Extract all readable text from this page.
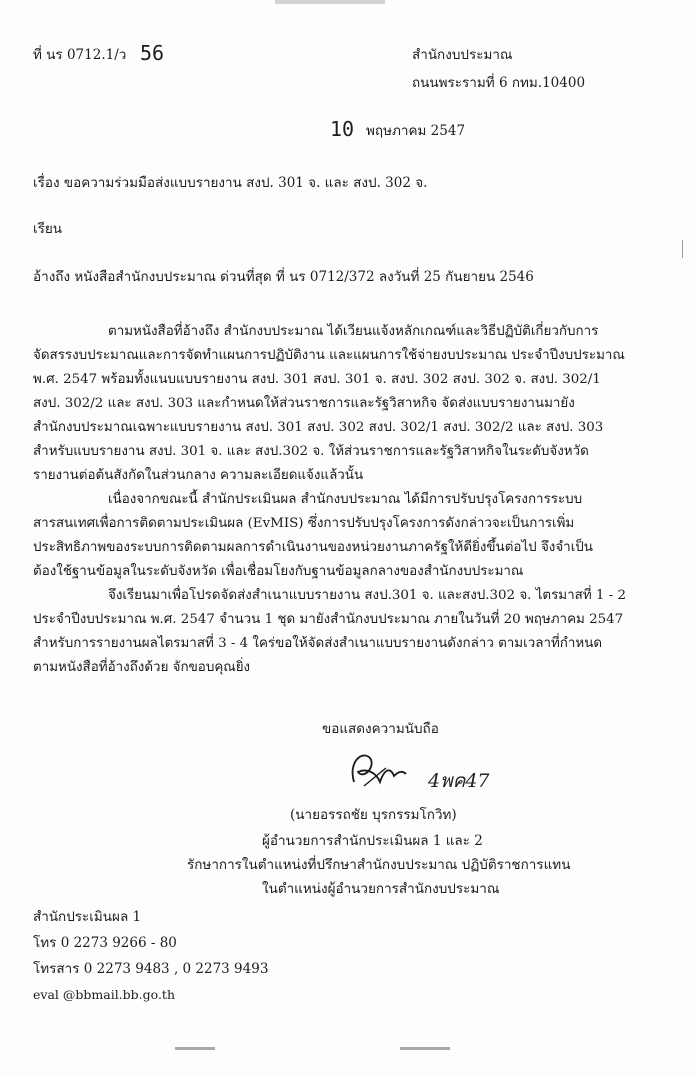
ที่ นร 0712.1/ว 56	สำนักงบประมาณ
ถนนพระรามที่ 6 กทม.10400
10 พฤษภาคม 2547
เรื่อง ขอความร่วมมือส่งแบบรายงาน สงป. 301 จ. และ สงป. 302 จ.
เรียน
อ้างถึง หนังสือสำนักงบประมาณ ด่วนที่สุด ที่ นร 0712/372 ลงวันที่ 25 กันยายน 2546
ตามหนังสือที่อ้างถึง สำนักงบประมาณ ได้เวียนแจ้งหลักเกณฑ์และวิธีปฏิบัติเกี่ยวกับการ
จัดสรรงบประมาณและการจัดทำแผนการปฏิบัติงาน และแผนการใช้จ่ายงบประมาณ ประจำปีงบประมาณ
พ.ศ. 2547 พร้อมทั้งแนบแบบรายงาน สงป. 301 สงป. 301 จ. สงป. 302 สงป. 302 จ. สงป. 302/1
สงป. 302/2 และ สงป. 303 และกำหนดให้ส่วนราชการและรัฐวิสาหกิจ จัดส่งแบบรายงานมายัง
สำนักงบประมาณเฉพาะแบบรายงาน สงป. 301 สงป. 302 สงป. 302/1 สงป. 302/2 และ สงป. 303
สำหรับแบบรายงาน สงป. 301 จ. และ สงป.302 จ. ให้ส่วนราชการและรัฐวิสาหกิจในระดับจังหวัด
รายงานต่อต้นสังกัดในส่วนกลาง ความละเอียดแจ้งแล้วนั้น
เนื่องจากขณะนี้ สำนักประเมินผล สำนักงบประมาณ ได้มีการปรับปรุงโครงการระบบ
สารสนเทศเพื่อการติดตามประเมินผล (EvMIS) ซึ่งการปรับปรุงโครงการดังกล่าวจะเป็นการเพิ่ม
ประสิทธิภาพของระบบการติดตามผลการดำเนินงานของหน่วยงานภาครัฐให้ดียิ่งขึ้นต่อไป จึงจำเป็น
ต้องใช้ฐานข้อมูลในระดับจังหวัด เพื่อเชื่อมโยงกับฐานข้อมูลกลางของสำนักงบประมาณ
จึงเรียนมาเพื่อโปรดจัดส่งสำเนาแบบรายงาน สงป.301 จ. และสงป.302 จ. ไตรมาสที่ 1 - 2
ประจำปีงบประมาณ พ.ศ. 2547 จำนวน 1 ชุด มายังสำนักงบประมาณ ภายในวันที่ 20 พฤษภาคม 2547
สำหรับการรายงานผลไตรมาสที่ 3 - 4 ใคร่ขอให้จัดส่งสำเนาแบบรายงานดังกล่าว ตามเวลาที่กำหนด
ตามหนังสือที่อ้างถึงด้วย จักขอบคุณยิ่ง
ขอแสดงความนับถือ
4พค47
(นายอรรถชัย บุรกรรมโกวิท)
ผู้อำนวยการสำนักประเมินผล 1 และ 2
รักษาการในตำแหน่งที่ปรึกษาสำนักงบประมาณ ปฏิบัติราชการแทน
ในตำแหน่งผู้อำนวยการสำนักงบประมาณ
สำนักประเมินผล 1
โทร 0 2273 9266 - 80
โทรสาร 0 2273 9483 , 0 2273 9493
eval @bbmail.bb.go.th
